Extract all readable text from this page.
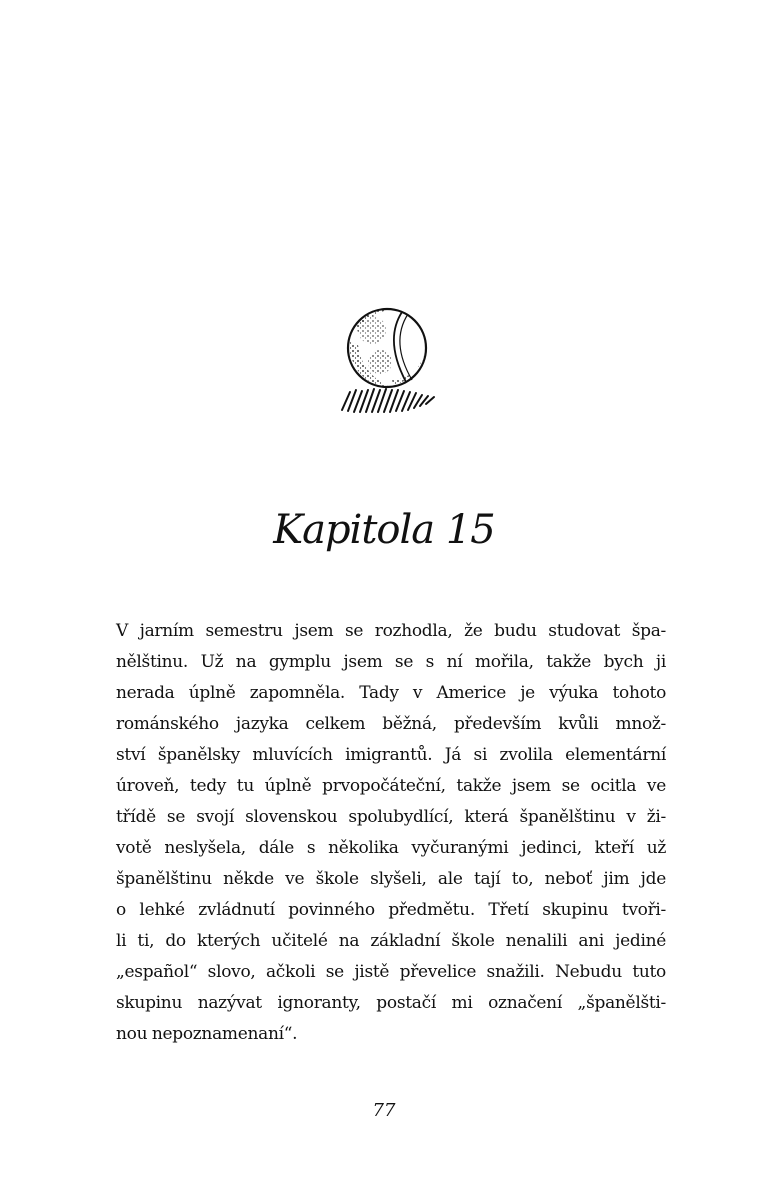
Kapitola 15
V jarním semestru jsem se rozhodla, že budu studovat špa-
nělštinu. Už na gymplu jsem se s ní mořila, takže bych ji
nerada úplně zapomněla. Tady v Americe je výuka tohoto
románského jazyka celkem běžná, především kvůli množ-
ství španělsky mluvících imigrantů. Já si zvolila elementární
úroveň, tedy tu úplně prvopočáteční, takže jsem se ocitla ve
třídě se svojí slovenskou spolubydlící, která španělštinu v ži-
votě neslyšela, dále s několika vyčuranými jedinci, kteří už
španělštinu někde ve škole slyšeli, ale tají to, neboť jim jde
o lehké zvládnutí povinného předmětu. Třetí skupinu tvoři-
li ti, do kterých učitelé na základní škole nenalili ani jediné
„español“ slovo, ačkoli se jistě převelice snažili. Nebudu tuto
skupinu nazývat ignoranty, postačí mi označení „španělšti-
nou nepoznamenaní“.
77
